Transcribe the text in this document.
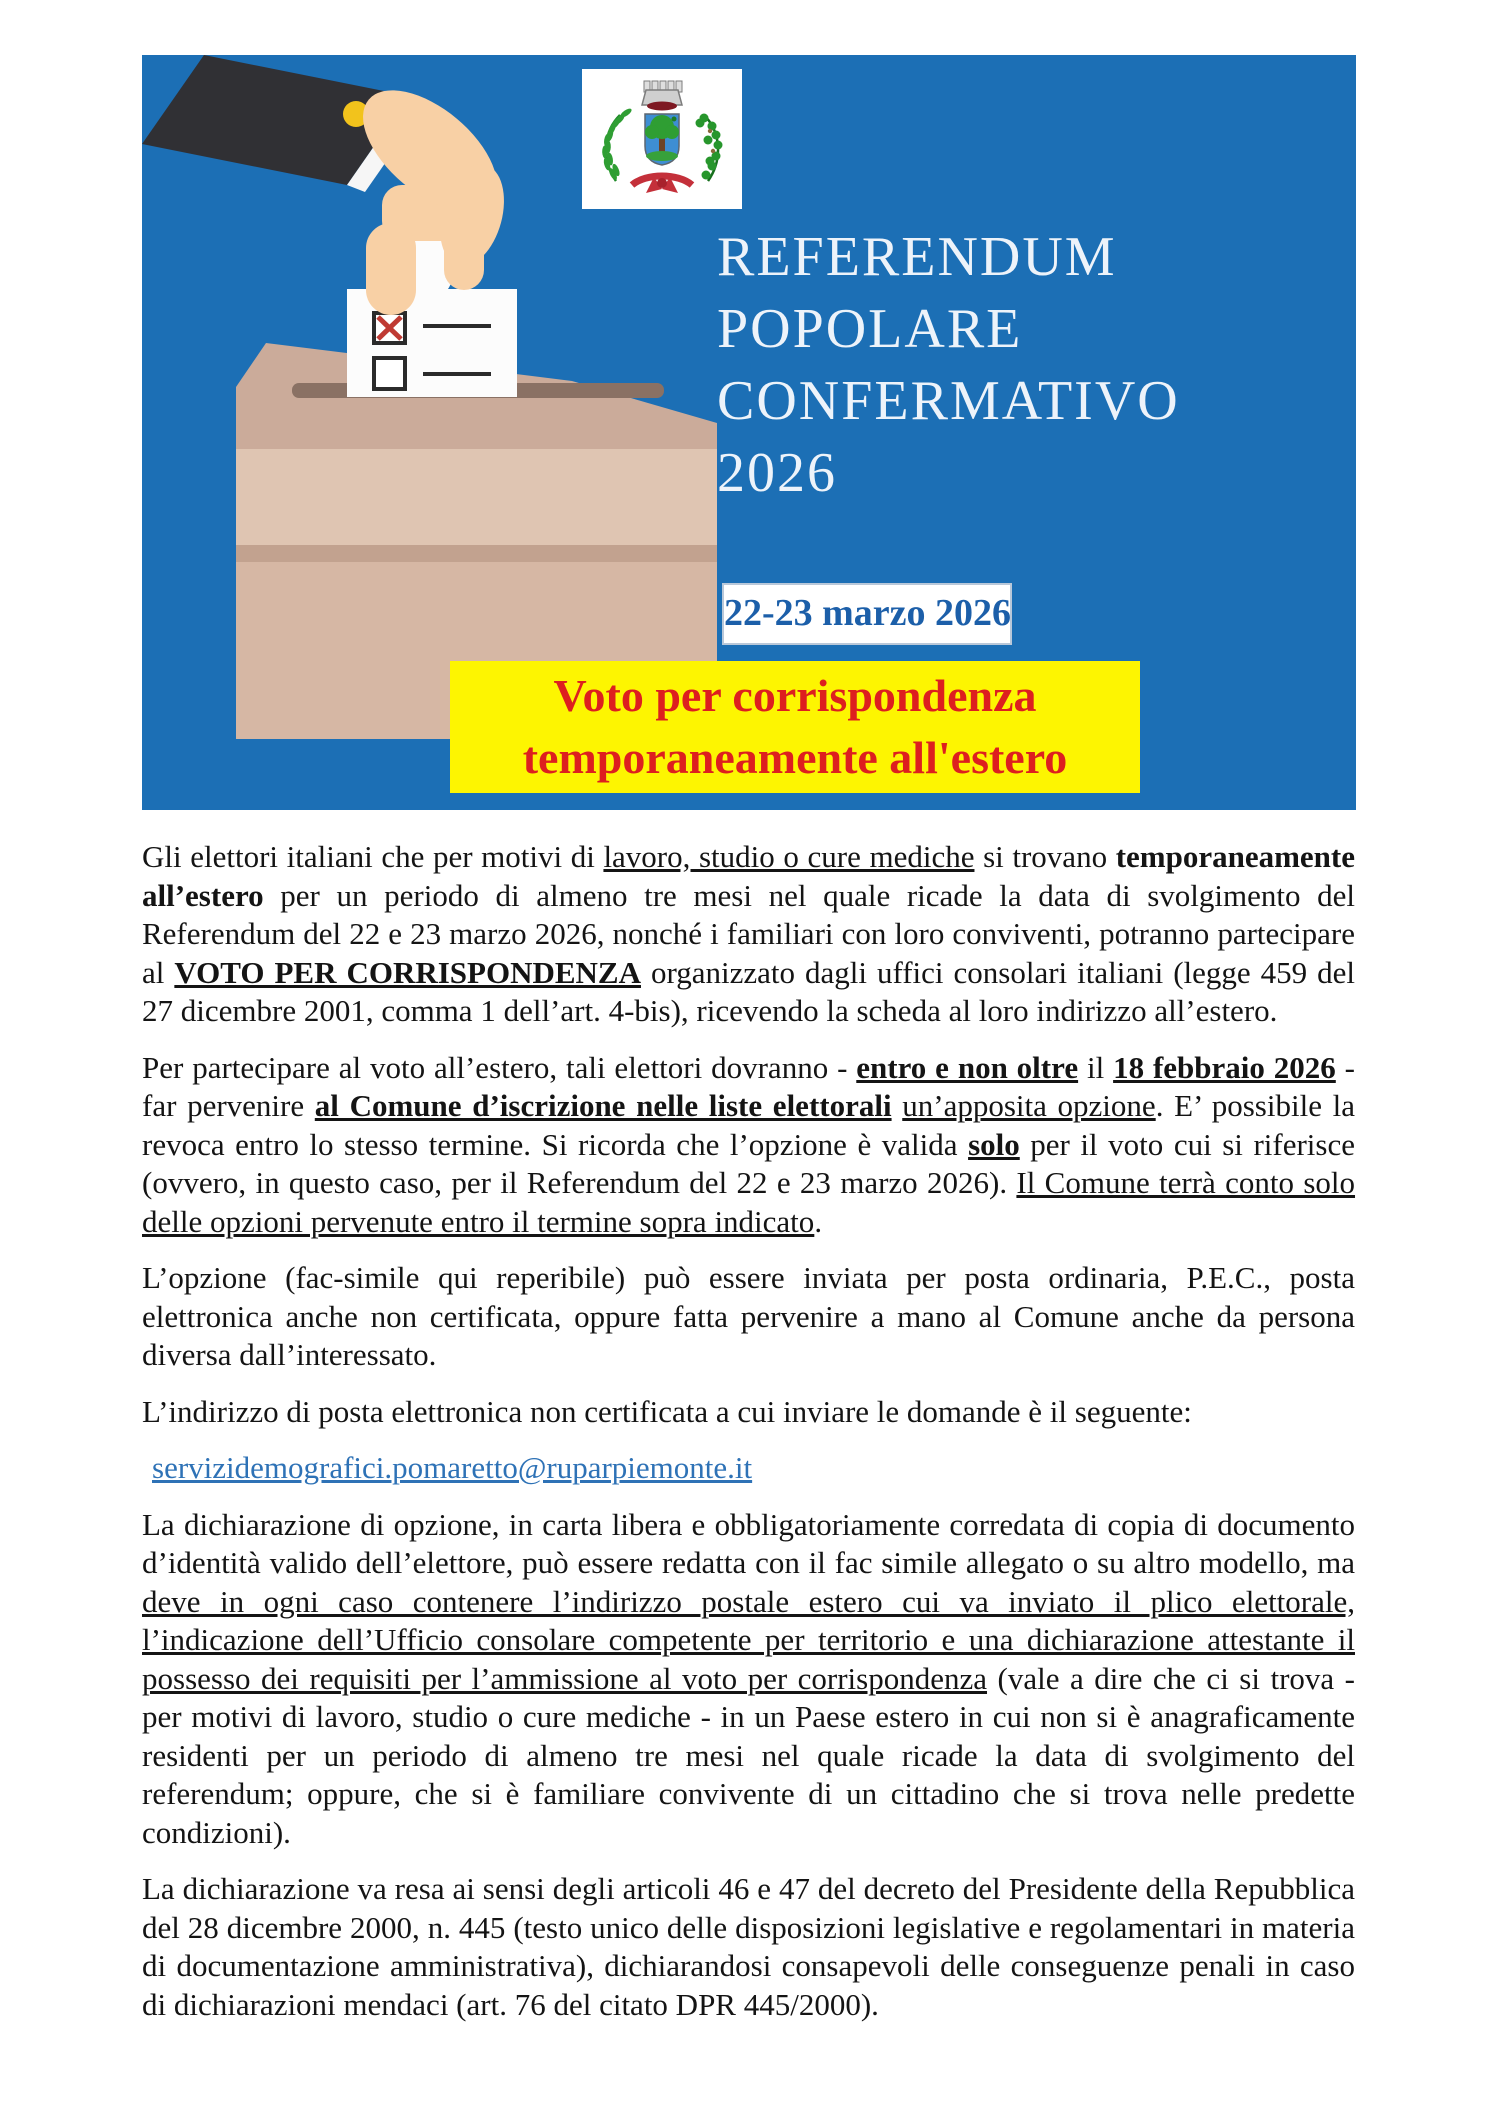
REFERENDUM
POPOLARE
CONFERMATIVO
2026
22-23 marzo 2026
Voto per corrispondenza
temporaneamente all'estero

Gli elettori italiani che per motivi di lavoro, studio o cure mediche si trovano temporaneamente all’estero per un periodo di almeno tre mesi nel quale ricade la data di svolgimento del Referendum del 22 e 23 marzo 2026, nonché i familiari con loro conviventi, potranno partecipare al VOTO PER CORRISPONDENZA organizzato dagli uffici consolari italiani (legge 459 del 27 dicembre 2001, comma 1 dell’art. 4-bis), ricevendo la scheda al loro indirizzo all’estero.

Per partecipare al voto all’estero, tali elettori dovranno - entro e non oltre il 18 febbraio 2026 - far pervenire al Comune d’iscrizione nelle liste elettorali un’apposita opzione. E’ possibile la revoca entro lo stesso termine. Si ricorda che l’opzione è valida solo per il voto cui si riferisce (ovvero, in questo caso, per il Referendum del 22 e 23 marzo 2026). Il Comune terrà conto solo delle opzioni pervenute entro il termine sopra indicato.

L’opzione (fac-simile qui reperibile) può essere inviata per posta ordinaria, P.E.C., posta elettronica anche non certificata, oppure fatta pervenire a mano al Comune anche da persona diversa dall’interessato.

L’indirizzo di posta elettronica non certificata a cui inviare le domande è il seguente:

servizidemografici.pomaretto@ruparpiemonte.it

La dichiarazione di opzione, in carta libera e obbligatoriamente corredata di copia di documento d’identità valido dell’elettore, può essere redatta con il fac simile allegato o su altro modello, ma deve in ogni caso contenere l’indirizzo postale estero cui va inviato il plico elettorale, l’indicazione dell’Ufficio consolare competente per territorio e una dichiarazione attestante il possesso dei requisiti per l’ammissione al voto per corrispondenza (vale a dire che ci si trova - per motivi di lavoro, studio o cure mediche - in un Paese estero in cui non si è anagraficamente residenti per un periodo di almeno tre mesi nel quale ricade la data di svolgimento del referendum; oppure, che si è familiare convivente di un cittadino che si trova nelle predette condizioni).

La dichiarazione va resa ai sensi degli articoli 46 e 47 del decreto del Presidente della Repubblica del 28 dicembre 2000, n. 445 (testo unico delle disposizioni legislative e regolamentari in materia di documentazione amministrativa), dichiarandosi consapevoli delle conseguenze penali in caso di dichiarazioni mendaci (art. 76 del citato DPR 445/2000).
